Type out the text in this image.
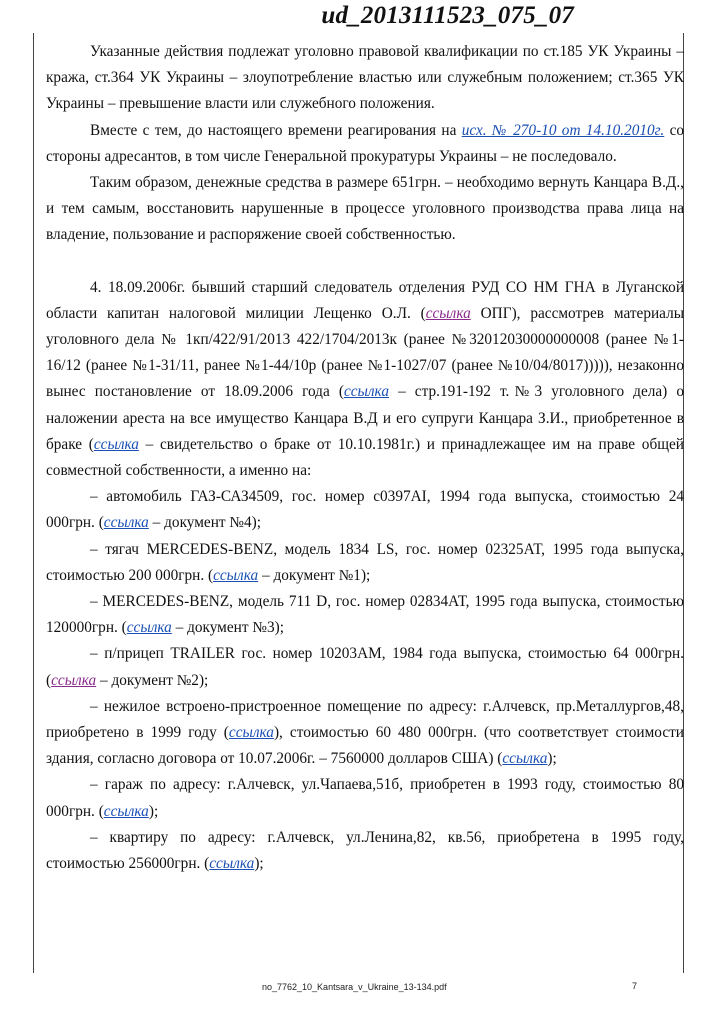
ud_2013111523_075_07

Указанные действия подлежат уголовно правовой квалификации по ст.185 УК Украины – кража, ст.364 УК Украины – злоупотребление властью или служебным положением; ст.365 УК Украины – превышение власти или служебного положения.

Вместе с тем, до настоящего времени реагирования на исх. № 270-10 от 14.10.2010г. со стороны адресантов, в том числе Генеральной прокуратуры Украины – не последовало.

Таким образом, денежные средства в размере 651грн. – необходимо вернуть Канцара В.Д., и тем самым, восстановить нарушенные в процессе уголовного производства права лица на владение, пользование и распоряжение своей собственностью.

4. 18.09.2006г. бывший старший следователь отделения РУД СО НМ ГНА в Луганской области капитан налоговой милиции Лещенко О.Л. (ссылка ОПГ), рассмотрев материалы уголовного дела № 1кп/422/91/2013 422/1704/2013к (ранее №32012030000000008 (ранее №1-16/12 (ранее №1-31/11, ранее №1-44/10р (ранее №1-1027/07 (ранее №10/04/8017))))), незаконно вынес постановление от 18.09.2006 года (ссылка – стр.191-192 т.№3 уголовного дела) о наложении ареста на все имущество Канцара В.Д и его супруги Канцара З.И., приобретенное в браке (ссылка – свидетельство о браке от 10.10.1981г.) и принадлежащее им на праве общей совместной собственности, а именно на:

– автомобиль ГАЗ-САЗ4509, гос. номер с0397АІ, 1994 года выпуска, стоимостью 24 000грн. (ссылка – документ №4);

– тягач MERCEDES-BENZ, модель 1834 LS, гос. номер 02325АТ, 1995 года выпуска, стоимостью 200 000грн. (ссылка – документ №1);

– MERCEDES-BENZ, модель 711 D, гос. номер 02834АТ, 1995 года выпуска, стоимостью 120000грн. (ссылка – документ №3);

– п/прицеп TRAILER гос. номер 10203АМ, 1984 года выпуска, стоимостью 64 000грн. (ссылка – документ №2);

– нежилое встроено-пристроенное помещение по адресу: г.Алчевск, пр.Металлургов,48, приобретено в 1999 году (ссылка), стоимостью 60 480 000грн. (что соответствует стоимости здания, согласно договора от 10.07.2006г. – 7560000 долларов США) (ссылка);

– гараж по адресу: г.Алчевск, ул.Чапаева,51б, приобретен в 1993 году, стоимостью 80 000грн. (ссылка);

– квартиру по адресу: г.Алчевск, ул.Ленина,82, кв.56, приобретена в 1995 году, стоимостью 256000грн. (ссылка);

no_7762_10_Kantsara_v_Ukraine_13-134.pdf	7
